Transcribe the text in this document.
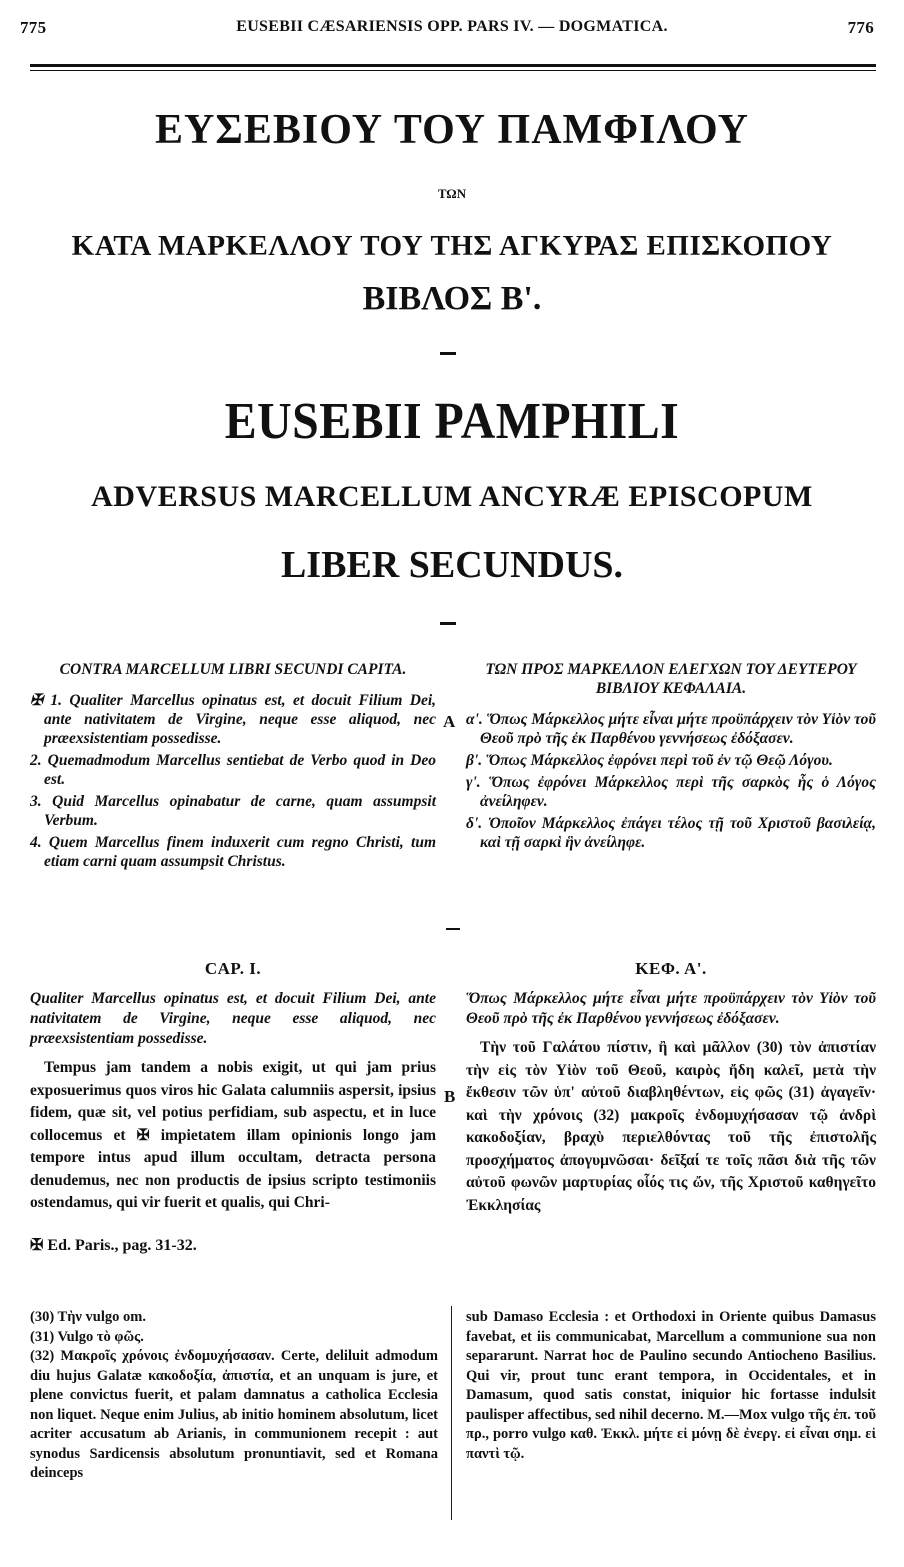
775	EUSEBII CÆSARIENSIS OPP. PARS IV. — DOGMATICA.	776
ΕΥΣΕΒΙΟΥ ΤΟΥ ΠΑΜΦΙΛΟΥ
ΤΩΝ
ΚΑΤΑ ΜΑΡΚΕΛΛΟΥ ΤΟΥ ΤΗΣ ΑΓΚΥΡΑΣ ΕΠΙΣΚΟΠΟΥ
ΒΙΒΛΟΣ Β'.
EUSEBII PAMPHILI
ADVERSUS MARCELLUM ANCYRÆ EPISCOPUM
LIBER SECUNDUS.
CONTRA MARCELLUM LIBRI SECUNDI CAPITA.
✠ 1. Qualiter Marcellus opinatus est, et docuit Filium Dei, ante nativitatem de Virgine, neque esse aliquod, nec præexsistentiam possedisse.
2. Quemadmodum Marcellus sentiebat de Verbo quod in Deo est.
3. Quid Marcellus opinabatur de carne, quam assumpsit Verbum.
4. Quem Marcellus finem induxerit cum regno Christi, tum etiam carni quam assumpsit Christus.
A
ΤΩΝ ΠΡΟΣ ΜΑΡΚΕΛΛΟΝ ΕΛΕΓΧΩΝ ΤΟΥ ΔΕΥΤΕΡΟΥ ΒΙΒΛΙΟΥ ΚΕΦΑΛΑΙΑ.
α'. Ὅπως Μάρκελλος μήτε εἶναι μήτε προϋπάρχειν τὸν Υἱὸν τοῦ Θεοῦ πρὸ τῆς ἐκ Παρθένου γεννήσεως ἐδόξασεν.
β'. Ὅπως Μάρκελλος ἐφρόνει περὶ τοῦ ἐν τῷ Θεῷ Λόγου.
γ'. Ὅπως ἐφρόνει Μάρκελλος περὶ τῆς σαρκὸς ἧς ὁ Λόγος ἀνείληφεν.
δ'. Ὁποῖον Μάρκελλος ἐπάγει τέλος τῇ τοῦ Χριστοῦ βασιλείᾳ, καὶ τῇ σαρκὶ ἣν ἀνείληφε.
CAP. I.
Qualiter Marcellus opinatus est, et docuit Filium Dei, ante nativitatem de Virgine, neque esse aliquod, nec præexsistentiam possedisse.
Tempus jam tandem a nobis exigit, ut qui jam prius exposuerimus quos viros hic Galata calumniis aspersit, ipsius fidem, quæ sit, vel potius perfidiam, sub aspectu, et in luce collocemus et ✠ impietatem illam opinionis longo jam tempore intus apud illum occultam, detracta persona denudemus, nec non productis de ipsius scripto testimoniis ostendamus, qui vir fuerit et qualis, qui Chri-
✠ Ed. Paris., pag. 31-32.
B
ΚΕΦ. Α'.
Ὅπως Μάρκελλος μήτε εἶναι μήτε προϋπάρχειν τὸν Υἱὸν τοῦ Θεοῦ πρὸ τῆς ἐκ Παρθένου γεννήσεως ἐδόξασεν.
Τὴν τοῦ Γαλάτου πίστιν, ἢ καὶ μᾶλλον (30) τὸν ἀπιστίαν τὴν εἰς τὸν Υἱὸν τοῦ Θεοῦ, καιρὸς ἤδη καλεῖ, μετὰ τὴν ἔκθεσιν τῶν ὑπ' αὐτοῦ διαβληθέντων, εἰς φῶς (31) ἀγαγεῖν· καὶ τὴν χρόνοις (32) μακροῖς ἐνδομυχήσασαν τῷ ἀνδρὶ κακοδοξίαν, βραχὺ περιελθόντας τοῦ τῆς ἐπιστολῆς προσχήματος ἀπογυμνῶσαι· δεῖξαί τε τοῖς πᾶσι διὰ τῆς τῶν αὐτοῦ φωνῶν μαρτυρίας οἷός τις ὤν, τῆς Χριστοῦ καθηγεῖτο Ἐκκλησίας

(30) Τὴν vulgo om.

(31) Vulgo τὸ φῶς.

(32) Μακροῖς χρόνοις ἐνδομυχήσασαν. Certe, deliluit admodum diu hujus Galatæ κακοδοξία, ἀπιστία, et an unquam is jure, et plene convictus fuerit, et palam damnatus a catholica Ecclesia non liquet. Neque enim Julius, ab initio hominem absolutum, licet acriter accusatum ab Arianis, in communionem recepit : aut synodus Sardicensis absolutum pronuntiavit, sed et Romana deinceps

sub Damaso Ecclesia : et Orthodoxi in Oriente quibus Damasus favebat, et iis communicabat, Marcellum a communione sua non separarunt. Narrat hoc de Paulino secundo Antiocheno Basilius. Qui vir, prout tunc erant tempora, in Occidentales, et in Damasum, quod satis constat, iniquior hic fortasse indulsit paulisper affectibus, sed nihil decerno. M.—Mox vulgo τῆς ἐπ. τοῦ πρ., porro vulgo καθ. Ἐκκλ. μήτε εἰ μόνῃ δὲ ἐνεργ. εἰ εἶναι σημ. εἰ παντὶ τῷ.
